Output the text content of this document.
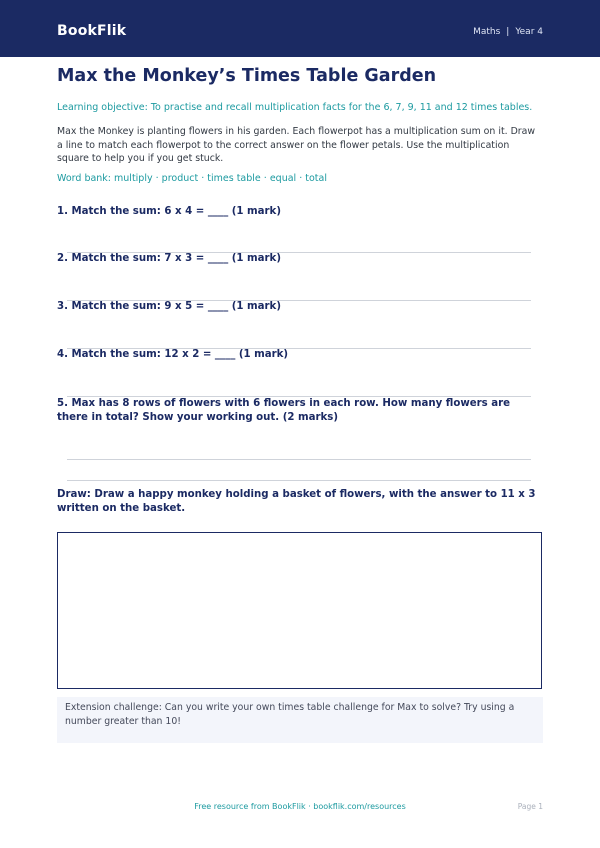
BookFlik	Maths | Year 4
Max the Monkey’s Times Table Garden
Learning objective: To practise and recall multiplication facts for the 6, 7, 9, 11 and 12 times tables.
Max the Monkey is planting flowers in his garden. Each flowerpot has a multiplication sum on it. Draw a line to match each flowerpot to the correct answer on the flower petals. Use the multiplication square to help you if you get stuck.
Word bank: multiply · product · times table · equal · total
1. Match the sum: 6 x 4 = ____ (1 mark)
2. Match the sum: 7 x 3 = ____ (1 mark)
3. Match the sum: 9 x 5 = ____ (1 mark)
4. Match the sum: 12 x 2 = ____ (1 mark)
5. Max has 8 rows of flowers with 6 flowers in each row. How many flowers are there in total? Show your working out. (2 marks)
Draw: Draw a happy monkey holding a basket of flowers, with the answer to 11 x 3 written on the basket.
Extension challenge: Can you write your own times table challenge for Max to solve? Try using a number greater than 10!
Free resource from BookFlik · bookflik.com/resources	Page 1
